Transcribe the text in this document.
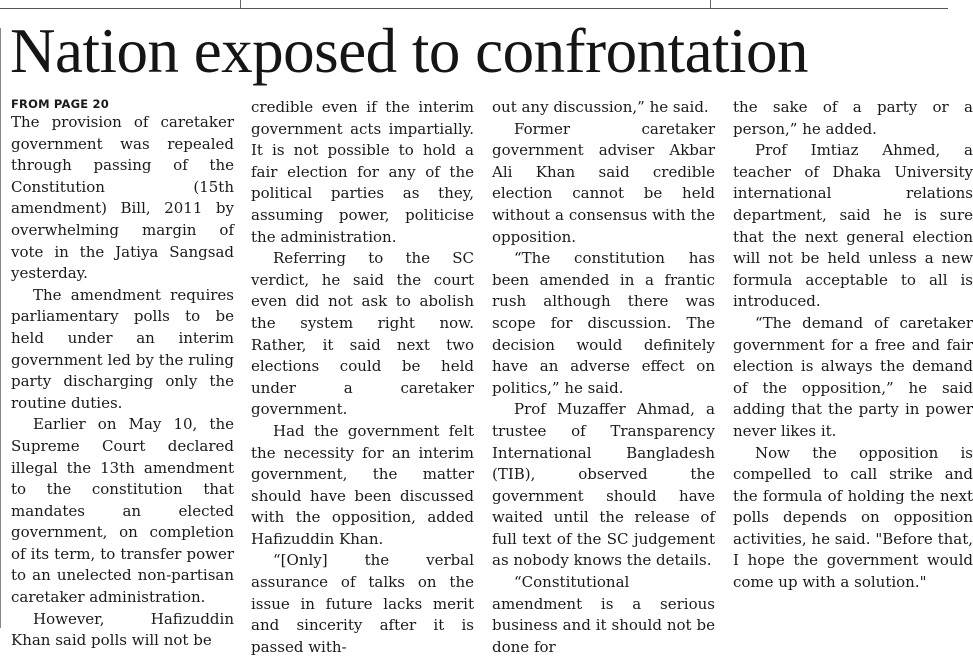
Nation exposed to confrontation
FROM PAGE 20

The provision of caretaker government was repealed through passing of the Constitution (15th amendment) Bill, 2011 by overwhelming margin of vote in the Jatiya Sangsad yesterday.

The amendment requires parliamentary polls to be held under an interim government led by the ruling party discharging only the routine duties.

Earlier on May 10, the Supreme Court declared illegal the 13th amendment to the constitution that mandates an elected government, on completion of its term, to transfer power to an unelected non-partisan caretaker administration.

However, Hafizuddin Khan said polls will not be

credible even if the interim government acts impartially. It is not possible to hold a fair election for any of the political parties as they, assuming power, politicise the administration.

Referring to the SC verdict, he said the court even did not ask to abolish the system right now. Rather, it said next two elections could be held under a caretaker government.

Had the government felt the necessity for an interim government, the matter should have been discussed with the opposition, added Hafizuddin Khan.

“[Only] the verbal assurance of talks on the issue in future lacks merit and sincerity after it is passed with-

out any discussion,” he said.

Former caretaker government adviser Akbar Ali Khan said credible election cannot be held without a consensus with the opposition.

“The constitution has been amended in a frantic rush although there was scope for discussion. The decision would definitely have an adverse effect on politics,” he said.

Prof Muzaffer Ahmad, a trustee of Transparency International Bangladesh (TIB), observed the government should have waited until the release of full text of the SC judgement as nobody knows the details.

“Constitutional amendment is a serious business and it should not be done for

the sake of a party or a person,” he added.

Prof Imtiaz Ahmed, a teacher of Dhaka University international relations department, said he is sure that the next general election will not be held unless a new formula acceptable to all is introduced.

“The demand of caretaker government for a free and fair election is always the demand of the opposition,” he said adding that the party in power never likes it.

Now the opposition is compelled to call strike and the formula of holding the next polls depends on opposition activities, he said. "Before that, I hope the government would come up with a solution."
